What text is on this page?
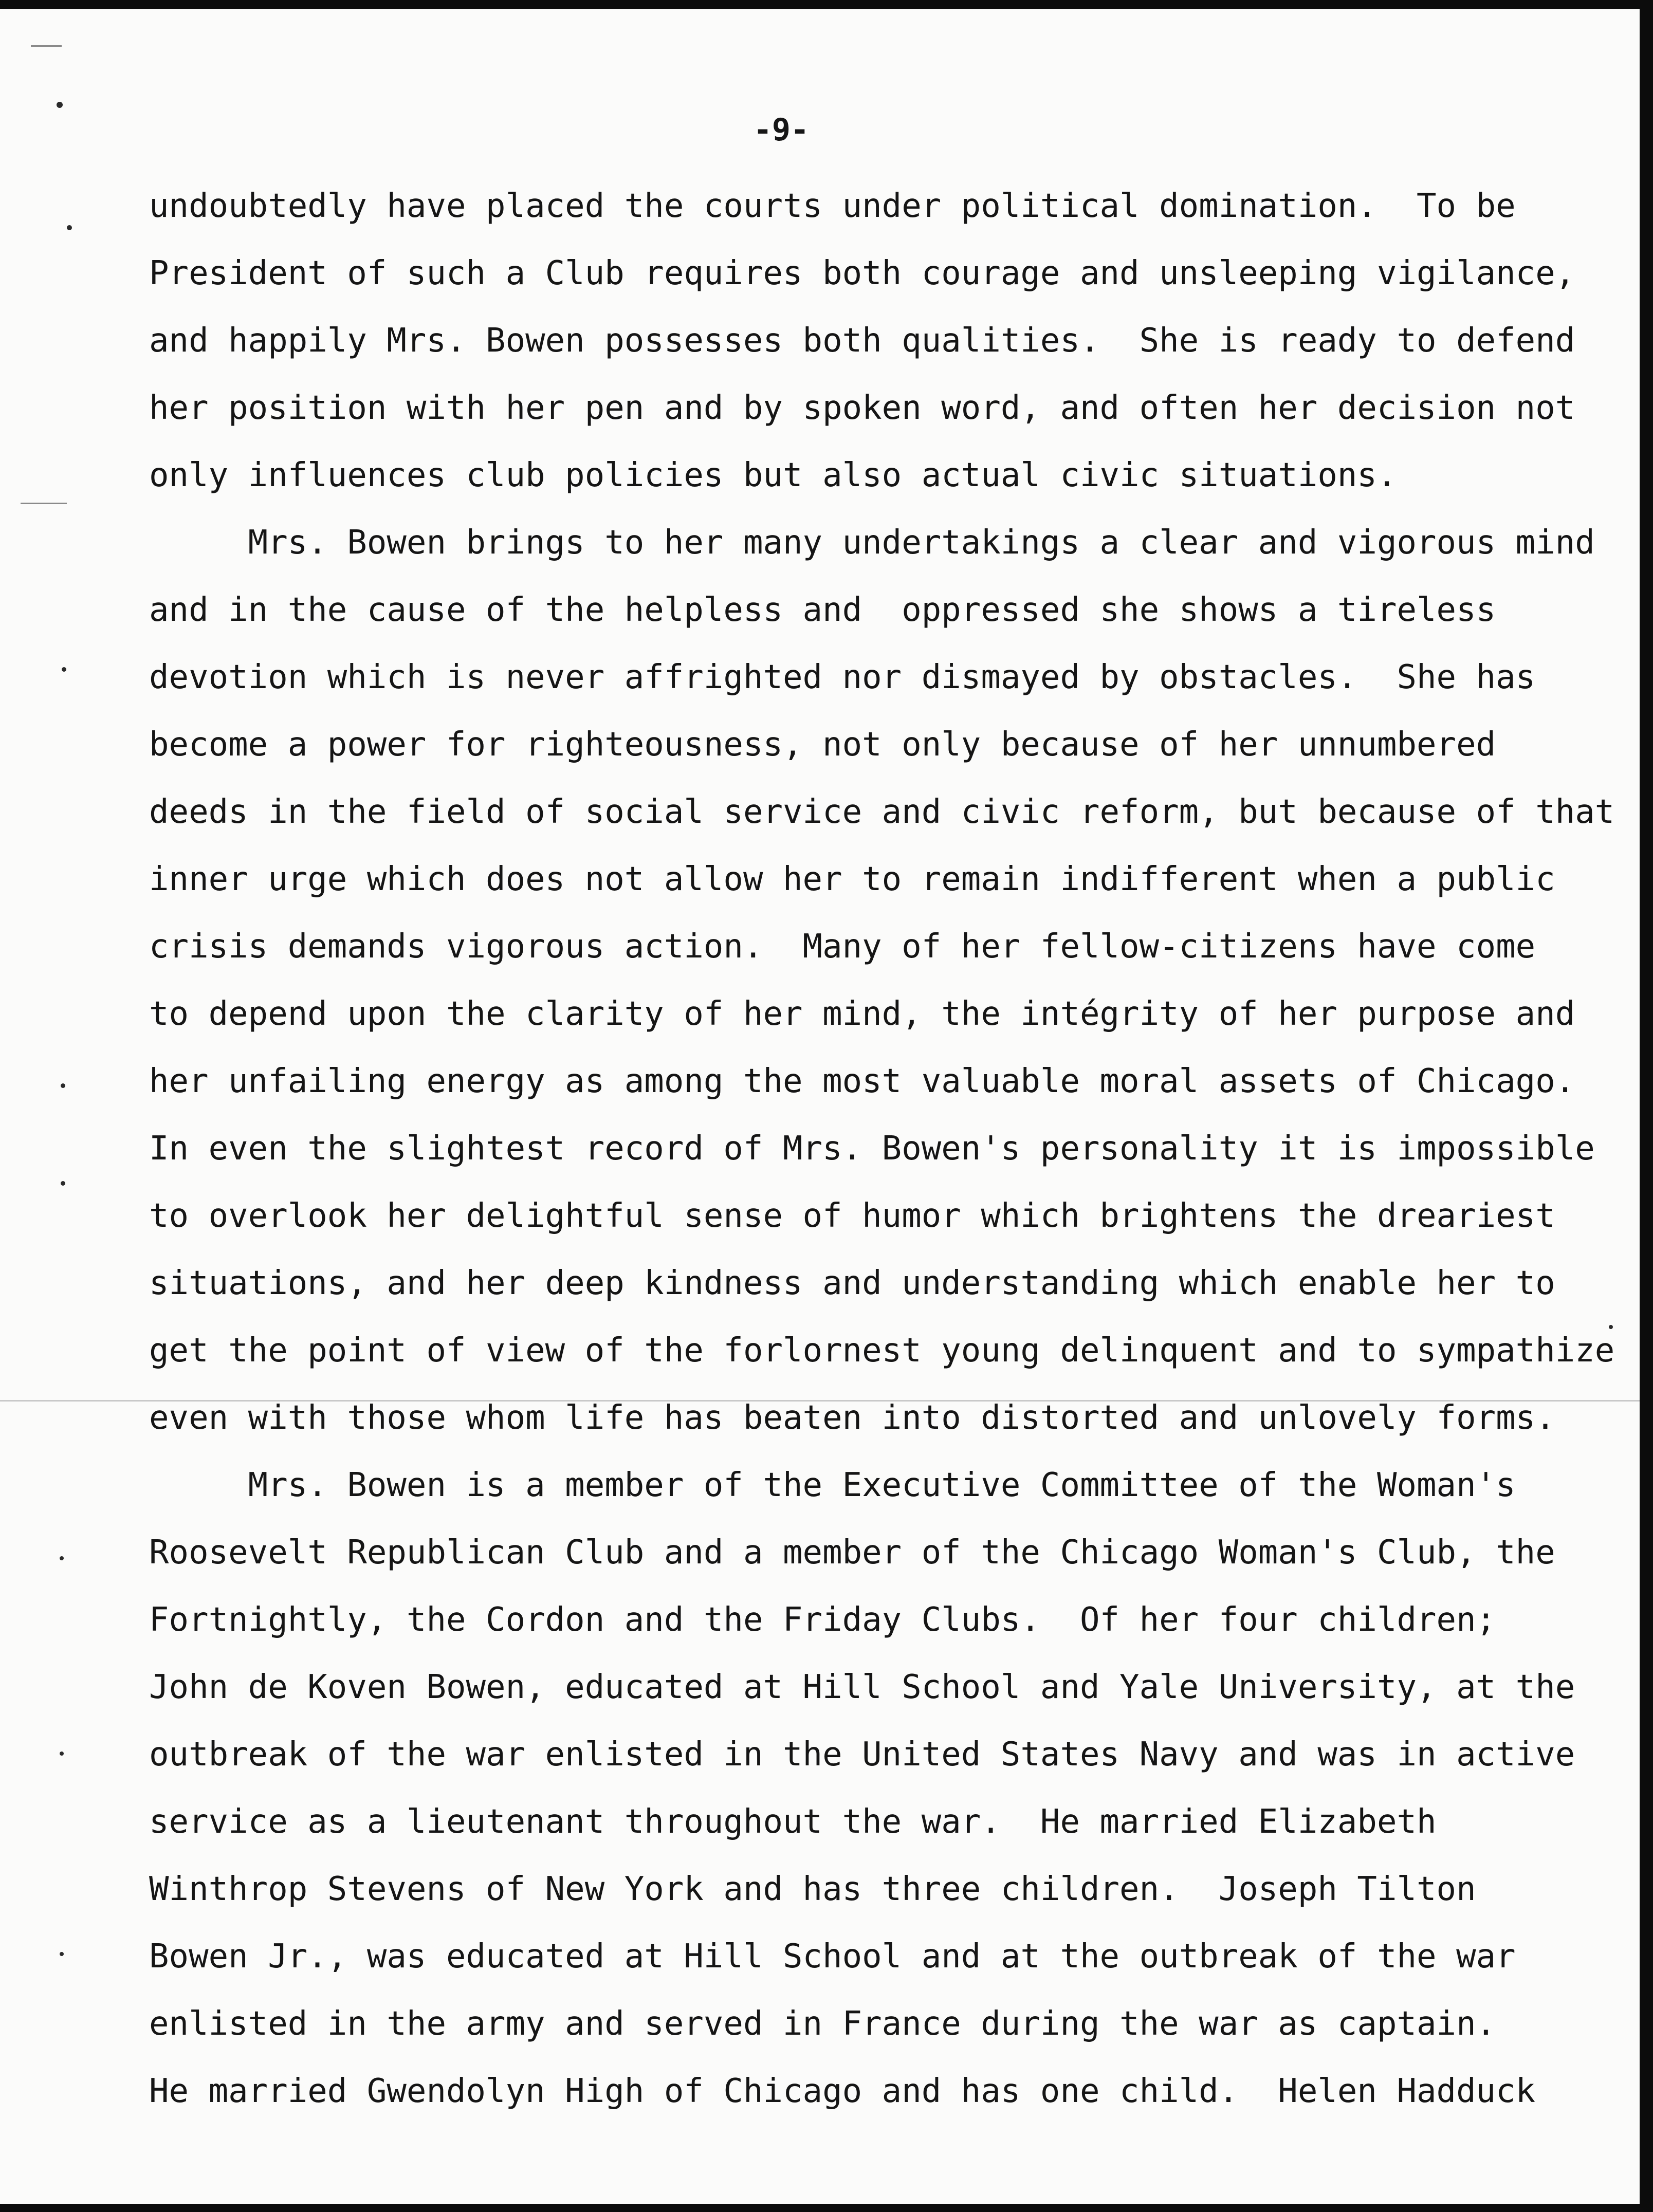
-9-
undoubtedly have placed the courts under political domination.  To be
President of such a Club requires both courage and unsleeping vigilance,
and happily Mrs. Bowen possesses both qualities.  She is ready to defend
her position with her pen and by spoken word, and often her decision not
only influences club policies but also actual civic situations.
Mrs. Bowen brings to her many undertakings a clear and vigorous mind
and in the cause of the helpless and  oppressed she shows a tireless
devotion which is never affrighted nor dismayed by obstacles.  She has
become a power for righteousness, not only because of her unnumbered
deeds in the field of social service and civic reform, but because of that
inner urge which does not allow her to remain indifferent when a public
crisis demands vigorous action.  Many of her fellow-citizens have come
to depend upon the clarity of her mind, the intégrity of her purpose and
her unfailing energy as among the most valuable moral assets of Chicago.
In even the slightest record of Mrs. Bowen's personality it is impossible
to overlook her delightful sense of humor which brightens the dreariest
situations, and her deep kindness and understanding which enable her to
get the point of view of the forlornest young delinquent and to sympathize
even with those whom life has beaten into distorted and unlovely forms.
Mrs. Bowen is a member of the Executive Committee of the Woman's
Roosevelt Republican Club and a member of the Chicago Woman's Club, the
Fortnightly, the Cordon and the Friday Clubs.  Of her four children;
John de Koven Bowen, educated at Hill School and Yale University, at the
outbreak of the war enlisted in the United States Navy and was in active
service as a lieutenant throughout the war.  He married Elizabeth
Winthrop Stevens of New York and has three children.  Joseph Tilton
Bowen Jr., was educated at Hill School and at the outbreak of the war
enlisted in the army and served in France during the war as captain.
He married Gwendolyn High of Chicago and has one child.  Helen Hadduck
